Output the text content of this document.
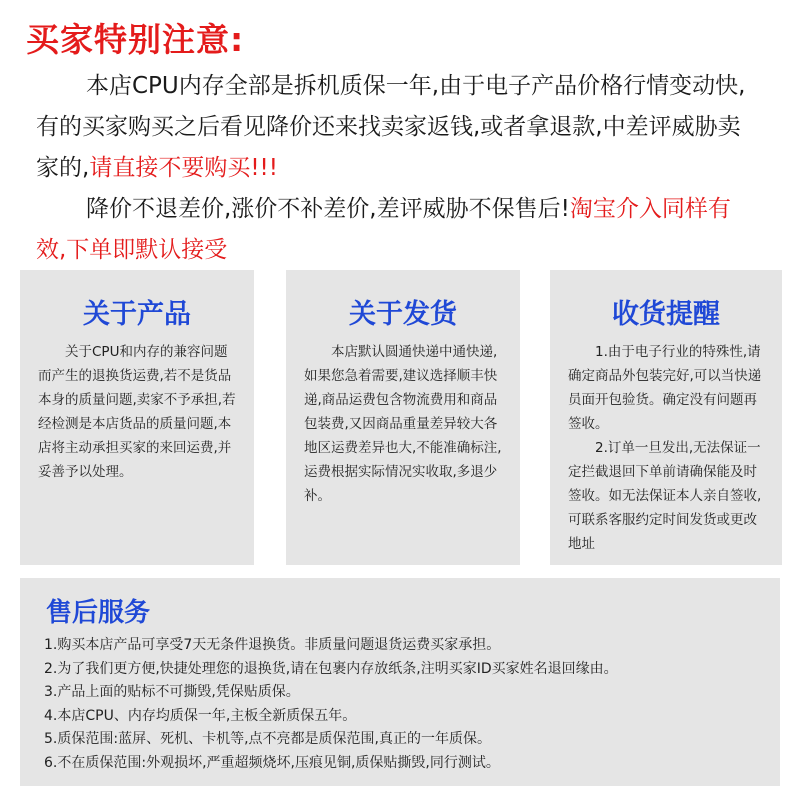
买家特别注意:

本店CPU内存全部是拆机质保一年,由于电子产品价格行情变动快,有的买家购买之后看见降价还来找卖家返钱,或者拿退款,中差评威胁卖家的,请直接不要购买!!!

降价不退差价,涨价不补差价,差评威胁不保售后!淘宝介入同样有效,下单即默认接受

关于产品

关于CPU和内存的兼容问题而产生的退换货运费,若不是货品本身的质量问题,卖家不予承担,若经检测是本店货品的质量问题,本店将主动承担买家的来回运费,并妥善予以处理。

关于发货

本店默认圆通快递中通快递,如果您急着需要,建议选择顺丰快递,商品运费包含物流费用和商品包装费,又因商品重量差异较大各地区运费差异也大,不能准确标注,运费根据实际情况实收取,多退少补。

收货提醒

1.由于电子行业的特殊性,请确定商品外包装完好,可以当快递员面开包验货。确定没有问题再签收。

2.订单一旦发出,无法保证一定拦截退回下单前请确保能及时签收。如无法保证本人亲自签收,可联系客服约定时间发货或更改地址

售后服务
1.购买本店产品可享受7天无条件退换货。非质量问题退货运费买家承担。
2.为了我们更方便,快捷处理您的退换货,请在包裹内存放纸条,注明买家ID买家姓名退回缘由。
3.产品上面的贴标不可撕毁,凭保贴质保。
4.本店CPU、内存均质保一年,主板全新质保五年。
5.质保范围:蓝屏、死机、卡机等,点不亮都是质保范围,真正的一年质保。
6.不在质保范围:外观损坏,严重超频烧坏,压痕见铜,质保贴撕毁,同行测试。
